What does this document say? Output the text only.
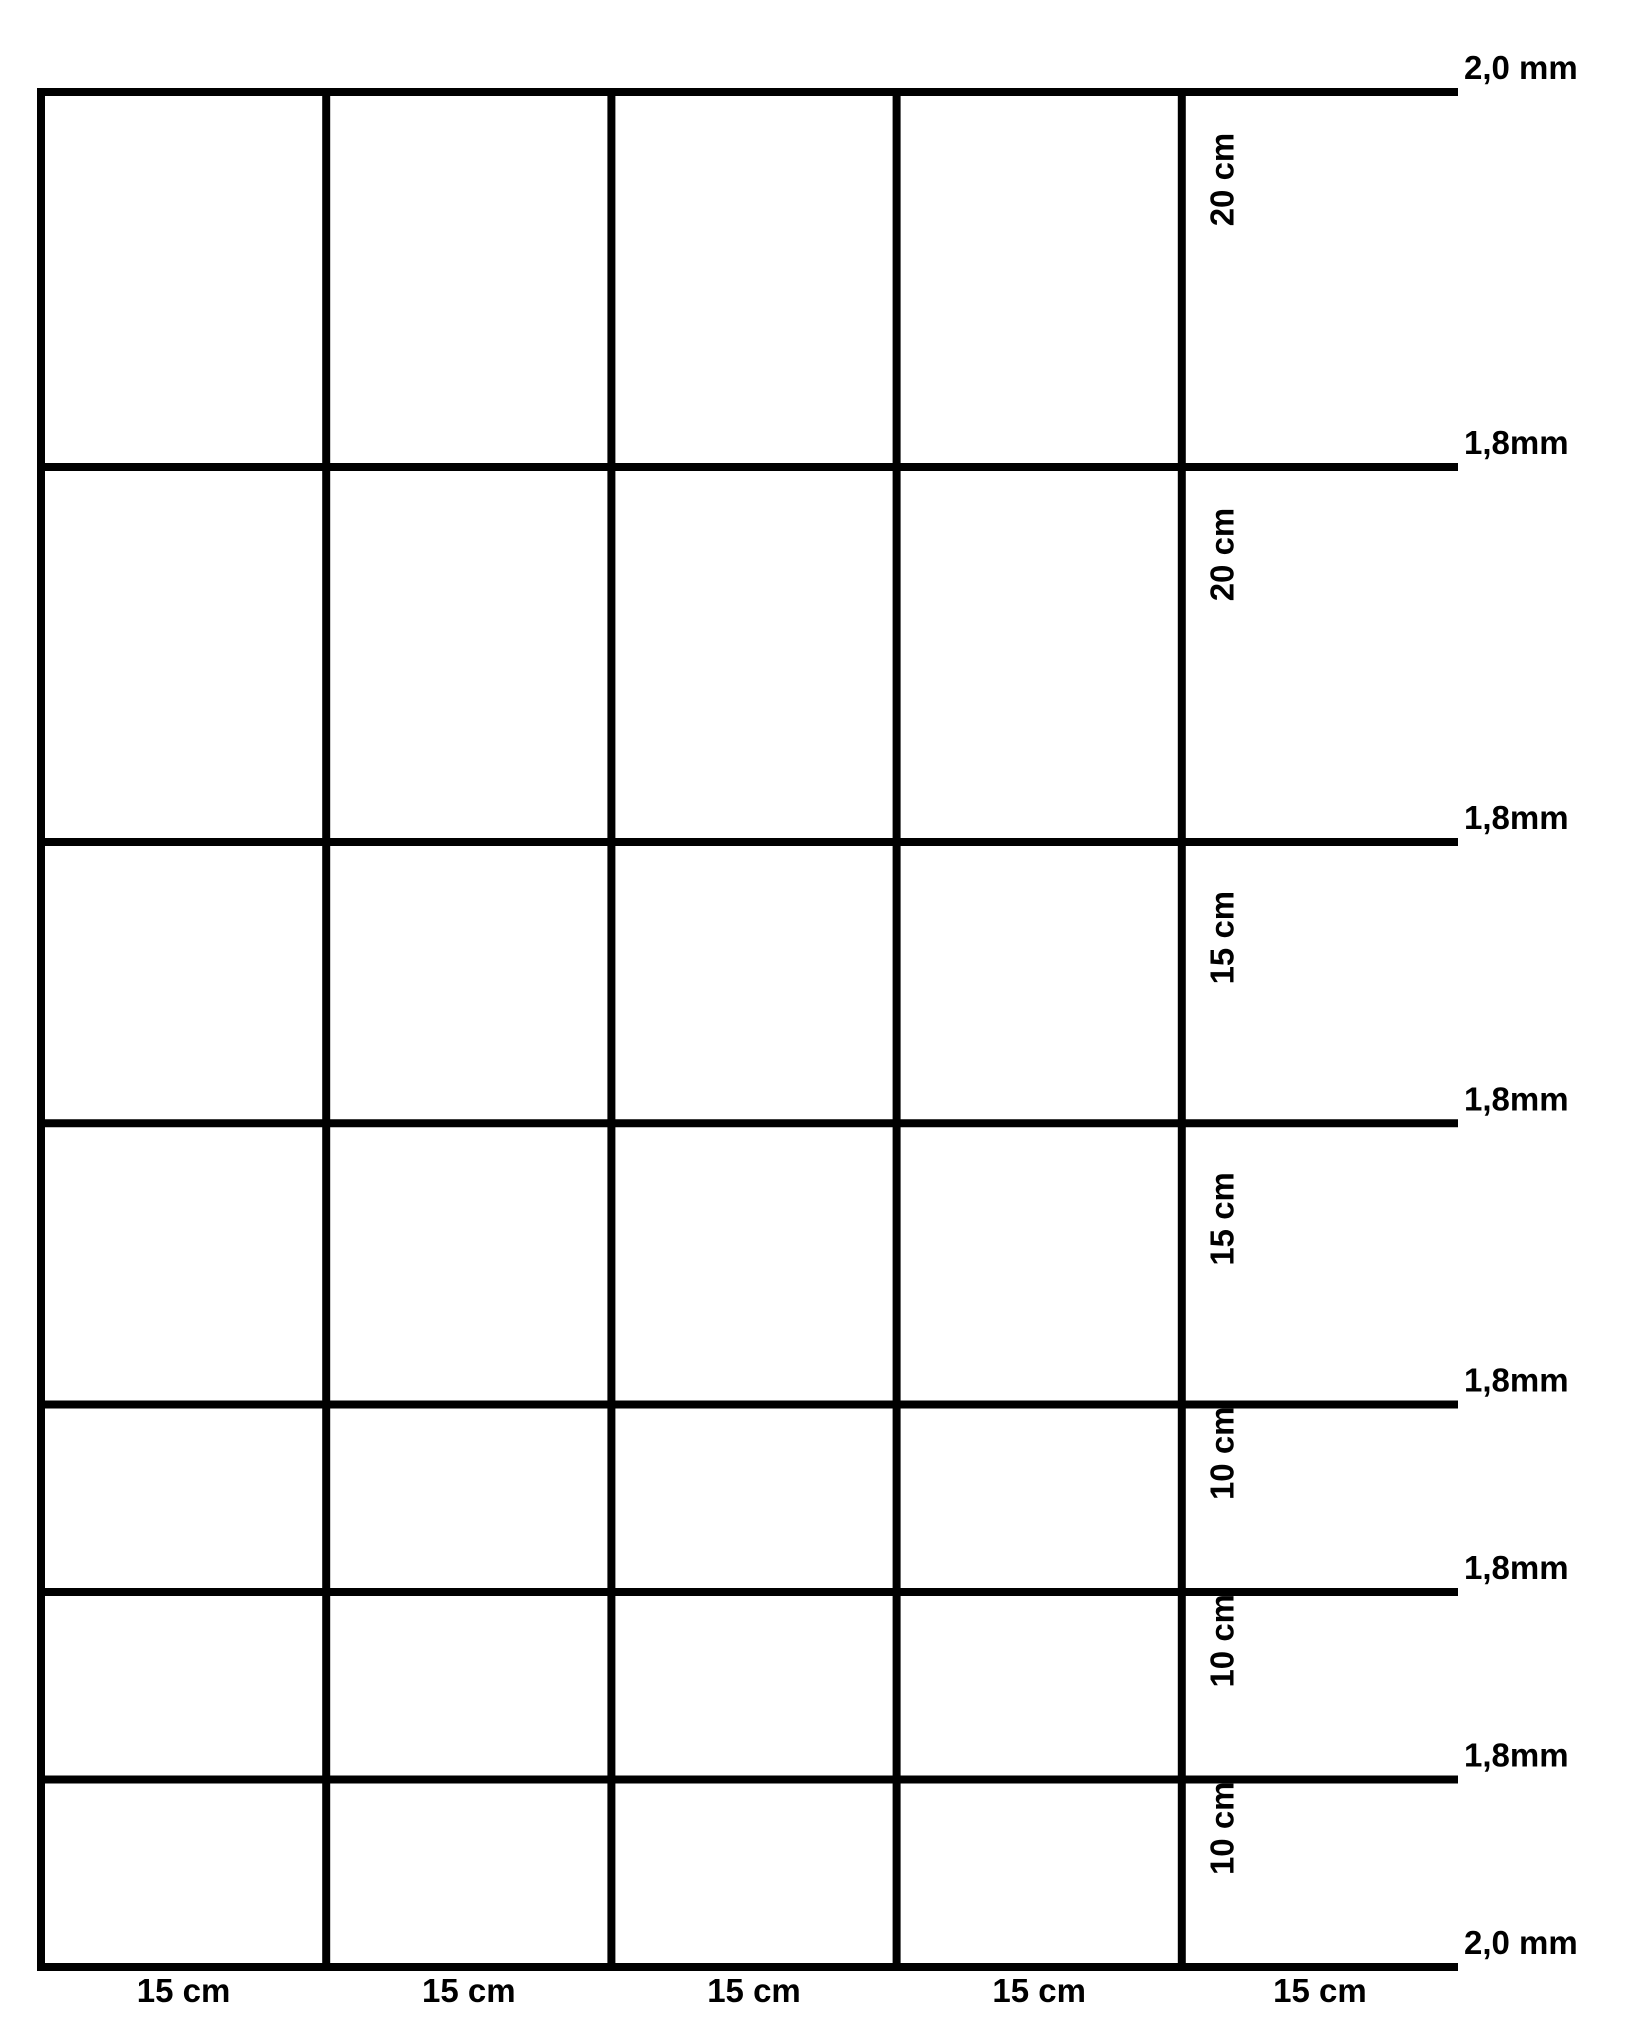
2,0 mm
1,8mm
1,8mm
1,8mm
1,8mm
1,8mm
1,8mm
2,0 mm
20 cm
20 cm
15 cm
15 cm
10 cm
10 cm
10 cm
15 cm	15 cm	15 cm	15 cm	15 cm
